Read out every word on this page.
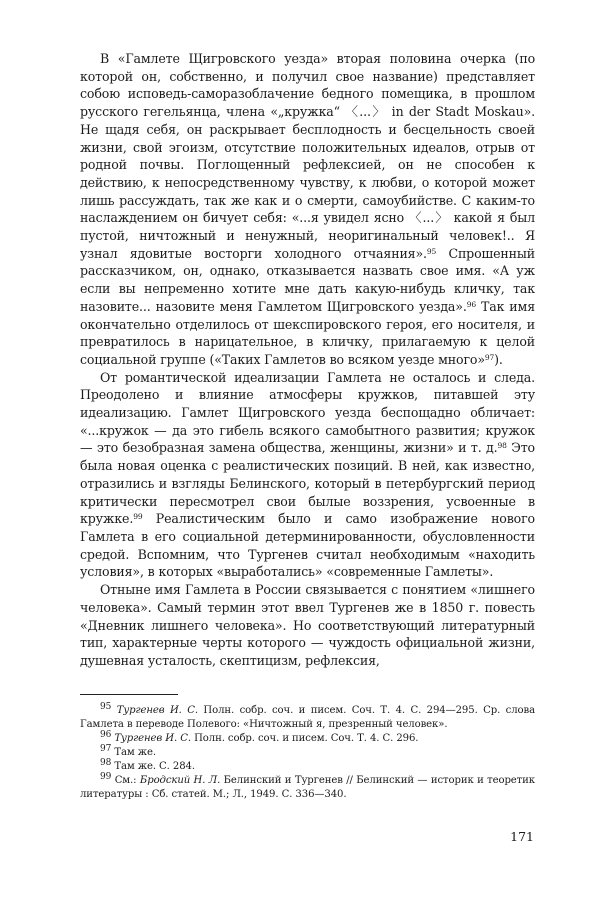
В «Гамлете Щигровского уезда» вторая половина очерка (по которой он, собственно, и получил свое название) представляет собою исповедь-саморазоблачение бедного помещика, в прошлом русского гегельянца, члена «„кружка“ 〈...〉 in der Stadt Moskau». Не щадя себя, он раскрывает бесплодность и бесцельность своей жизни, свой эгоизм, отсутствие положительных идеалов, отрыв от родной почвы. Поглощенный рефлексией, он не способен к действию, к непосредственному чувству, к любви, о которой может лишь рассуждать, так же как и о смерти, самоубийстве. С каким-то наслаждением он бичует себя: «...я увидел ясно 〈...〉 какой я был пустой, ничтожный и ненужный, неоригинальный человек!.. Я узнал ядовитые восторги холодного отчаяния».$^{95}$ Спрошенный рассказчиком, он, однако, отказывается назвать свое имя. «А уж если вы непременно хотите мне дать какую-нибудь кличку, так назовите... назовите меня Гамлетом Щигровского уезда».$^{96}$ Так имя окончательно отделилось от шекспировского героя, его носителя, и превратилось в нарицательное, в кличку, прилагаемую к целой социальной группе («Таких Гамлетов во всяком уезде много»$^{97}$).

От романтической идеализации Гамлета не осталось и следа. Преодолено и влияние атмосферы кружков, питавшей эту идеализацию. Гамлет Щигровского уезда беспощадно обличает: «...кружок — да это гибель всякого самобытного развития; кружок — это безобразная замена общества, женщины, жизни» и т. д.$^{98}$ Это была новая оценка с реалистических позиций. В ней, как известно, отразились и взгляды Белинского, который в петербургский период критически пересмотрел свои былые воззрения, усвоенные в кружке.$^{99}$ Реалистическим было и само изображение нового Гамлета в его социальной детерминированности, обусловленности средой. Вспомним, что Тургенев считал необходимым «находить условия», в которых «выработались» «современные Гамлеты».

Отныне имя Гамлета в России связывается с понятием «лишнего человека». Самый термин этот ввел Тургенев же в 1850 г. повесть «Дневник лишнего человека». Но соответствующий литературный тип, характерные черты которого — чуждость официальной жизни, душевная усталость, скептицизм, рефлексия,

$^{95}$ Тургенев И. С. Полн. собр. соч. и писем. Соч. Т. 4. С. 294—295. Ср. слова Гамлета в переводе Полевого: «Ничтожный я, презренный человек».

$^{96}$ Тургенев И. С. Полн. собр. соч. и писем. Соч. Т. 4. С. 296.

$^{97}$ Там же.

$^{98}$ Там же. С. 284.

$^{99}$ См.: Бродский Н. Л. Белинский и Тургенев // Белинский — историк и теоретик литературы : Сб. статей. М.; Л., 1949. С. 336—340.

171
